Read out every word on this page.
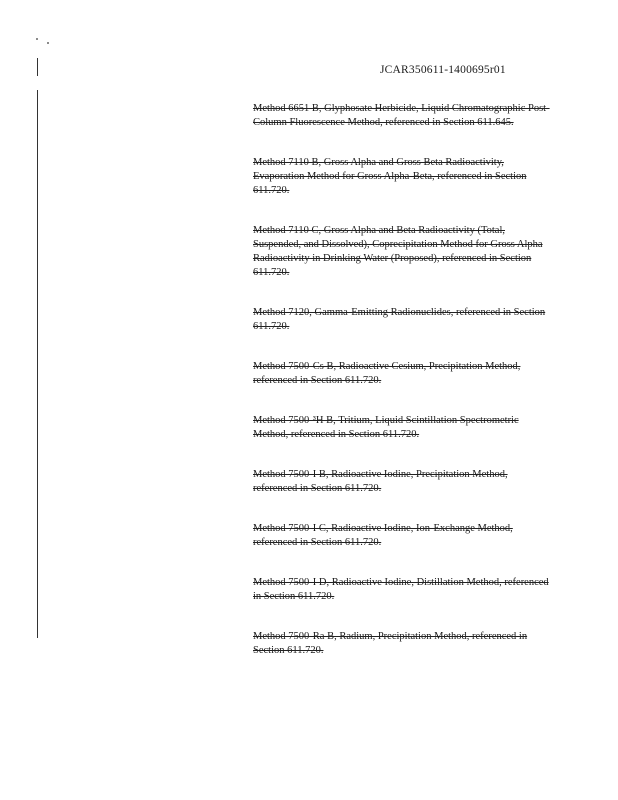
JCAR350611-1400695r01
Method 6651 B, Glyphosate Herbicide, Liquid Chromatographic Post-Column Fluorescence Method, referenced in Section 611.645.
Method 7110 B, Gross Alpha and Gross Beta Radioactivity, Evaporation Method for Gross Alpha-Beta, referenced in Section 611.720.
Method 7110 C, Gross Alpha and Beta Radioactivity (Total, Suspended, and Dissolved), Coprecipitation Method for Gross Alpha Radioactivity in Drinking Water (Proposed), referenced in Section 611.720.
Method 7120, Gamma-Emitting Radionuclides, referenced in Section 611.720.
Method 7500-Cs B, Radioactive Cesium, Precipitation Method, referenced in Section 611.720.
Method 7500-³H B, Tritium, Liquid Scintillation Spectrometric Method, referenced in Section 611.720.
Method 7500-I B, Radioactive Iodine, Precipitation Method, referenced in Section 611.720.
Method 7500-I C, Radioactive Iodine, Ion-Exchange Method, referenced in Section 611.720.
Method 7500-I D, Radioactive Iodine, Distillation Method, referenced in Section 611.720.
Method 7500-Ra B, Radium, Precipitation Method, referenced in Section 611.720.
